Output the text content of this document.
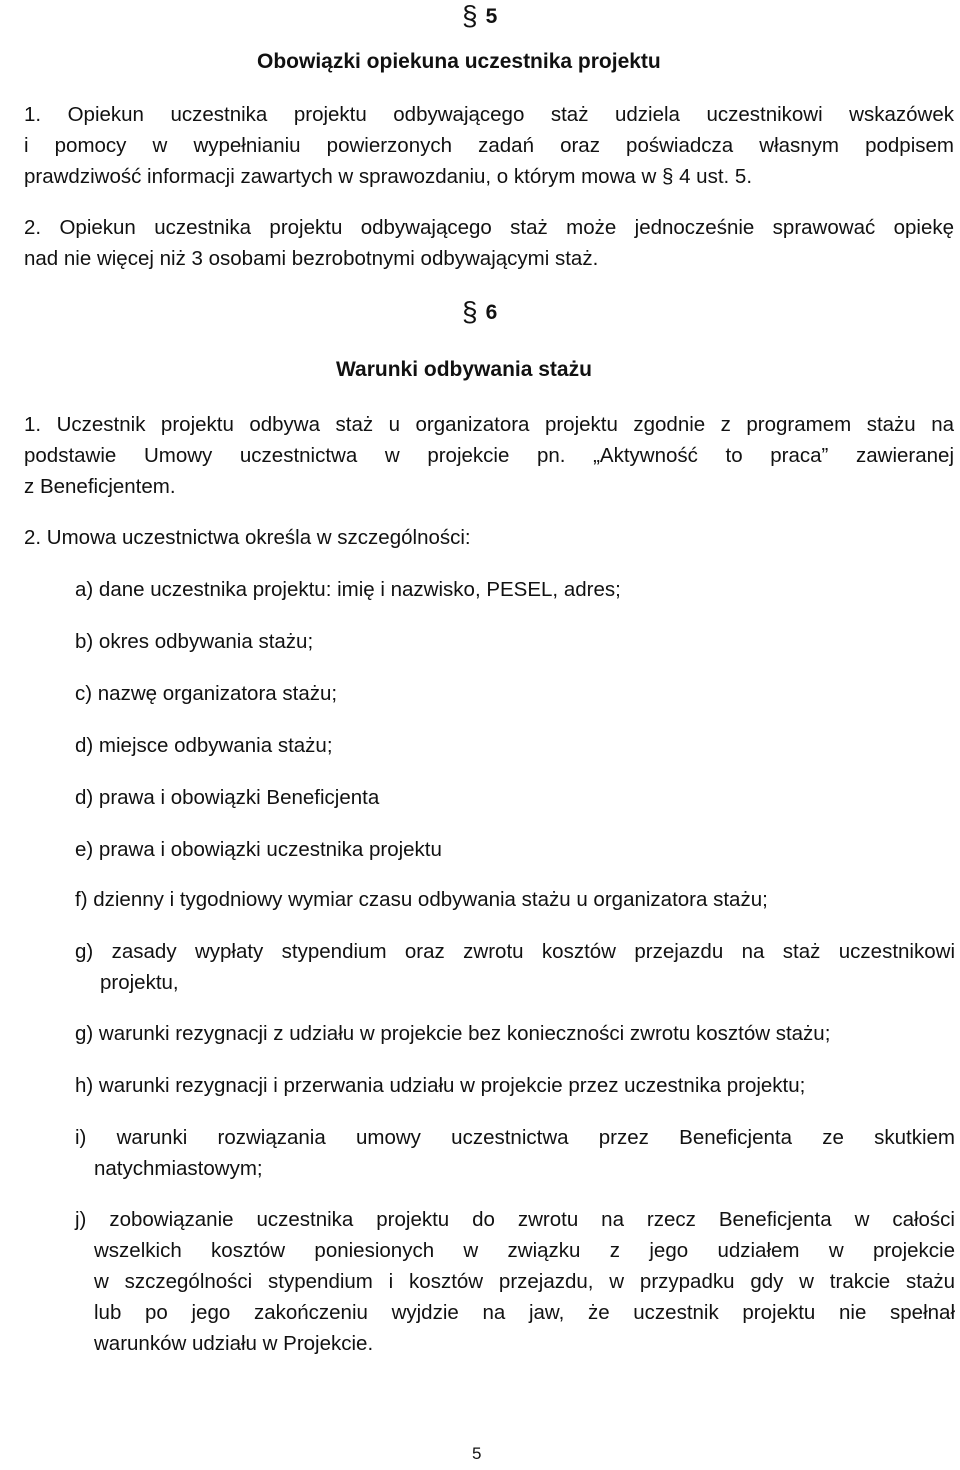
§ 5
Obowiązki opiekuna uczestnika projektu
1. Opiekun uczestnika projektu odbywającego staż udziela uczestnikowi wskazówek
i pomocy w wypełnianiu powierzonych zadań oraz poświadcza własnym podpisem
prawdziwość informacji zawartych w sprawozdaniu, o którym mowa w § 4 ust. 5.
2. Opiekun uczestnika projektu odbywającego staż może jednocześnie sprawować opiekę
nad nie więcej niż 3 osobami bezrobotnymi odbywającymi staż.
§ 6
Warunki odbywania stażu
1. Uczestnik projektu odbywa staż u organizatora projektu zgodnie z programem stażu na
podstawie Umowy uczestnictwa w projekcie pn. „Aktywność to praca” zawieranej
z Beneficjentem.
2. Umowa uczestnictwa określa w szczególności:
a) dane uczestnika projektu: imię i nazwisko, PESEL, adres;
b) okres odbywania stażu;
c) nazwę organizatora stażu;
d) miejsce odbywania stażu;
d) prawa i obowiązki Beneficjenta
e) prawa i obowiązki uczestnika projektu
f) dzienny i tygodniowy wymiar czasu odbywania stażu u organizatora stażu;
g) zasady wypłaty stypendium oraz zwrotu kosztów przejazdu na staż uczestnikowi
projektu,
g) warunki rezygnacji z udziału w projekcie bez konieczności zwrotu kosztów stażu;
h) warunki rezygnacji i przerwania udziału w projekcie przez uczestnika projektu;
i) warunki rozwiązania umowy uczestnictwa przez Beneficjenta ze skutkiem
natychmiastowym;
j) zobowiązanie uczestnika projektu do zwrotu na rzecz Beneficjenta w całości
wszelkich kosztów poniesionych w związku z jego udziałem w projekcie
w szczególności stypendium i kosztów przejazdu, w przypadku gdy w trakcie stażu
lub po jego zakończeniu wyjdzie na jaw, że uczestnik projektu nie spełnał
warunków udziału w Projekcie.
5
